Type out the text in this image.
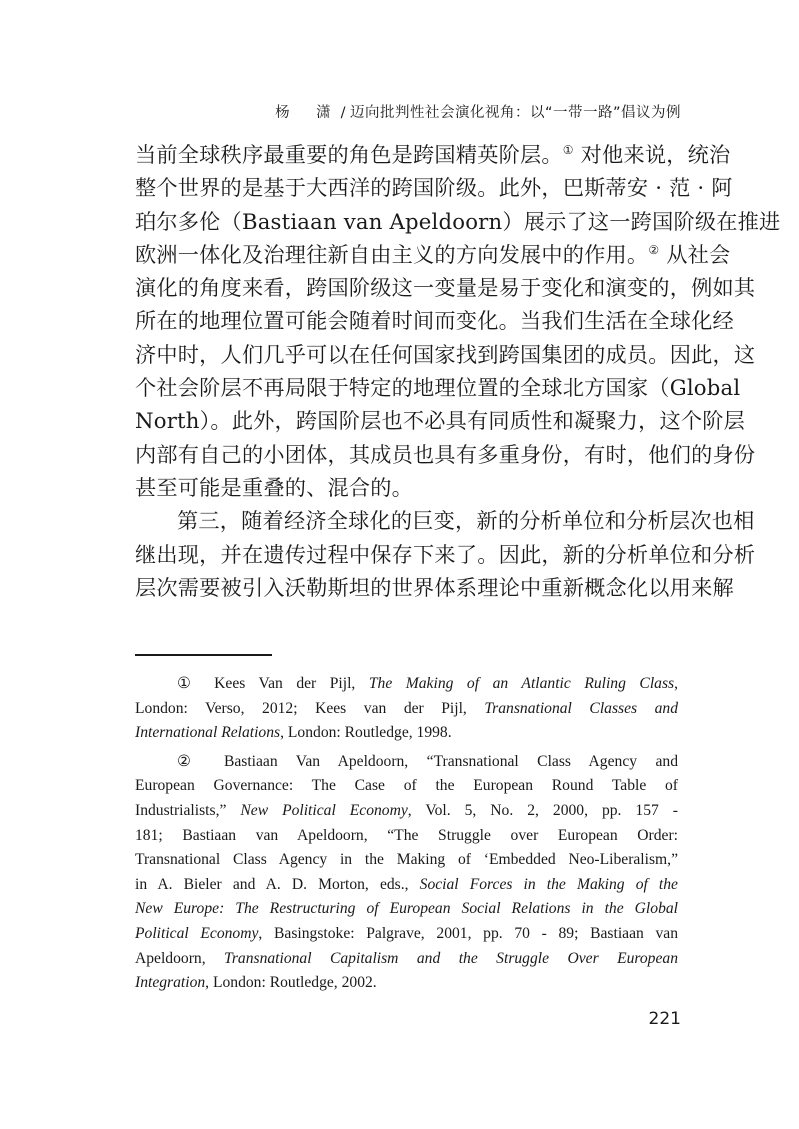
杨　潇 / 迈向批判性社会演化视角：以“一带一路”倡议为例
当前全球秩序最重要的角色是跨国精英阶层。① 对他来说，统治
整个世界的是基于大西洋的跨国阶级。此外，巴斯蒂安 · 范 · 阿
珀尔多伦（Bastiaan van Apeldoorn）展示了这一跨国阶级在推进
欧洲一体化及治理往新自由主义的方向发展中的作用。② 从社会
演化的角度来看，跨国阶级这一变量是易于变化和演变的，例如其
所在的地理位置可能会随着时间而变化。当我们生活在全球化经
济中时，人们几乎可以在任何国家找到跨国集团的成员。因此，这
个社会阶层不再局限于特定的地理位置的全球北方国家（Global
North）。此外，跨国阶层也不必具有同质性和凝聚力，这个阶层
内部有自己的小团体，其成员也具有多重身份，有时，他们的身份
甚至可能是重叠的、混合的。
第三，随着经济全球化的巨变，新的分析单位和分析层次也相
继出现，并在遗传过程中保存下来了。因此，新的分析单位和分析
层次需要被引入沃勒斯坦的世界体系理论中重新概念化以用来解
① Kees Van der Pijl, The Making of an Atlantic Ruling Class,
London: Verso, 2012; Kees van der Pijl, Transnational Classes and
International Relations, London: Routledge, 1998.
② Bastiaan Van Apeldoorn, “Transnational Class Agency and
European Governance: The Case of the European Round Table of
Industrialists,” New Political Economy, Vol. 5, No. 2, 2000, pp. 157 -
181; Bastiaan van Apeldoorn, “The Struggle over European Order:
Transnational Class Agency in the Making of ‘Embedded Neo-Liberalism,”
in A. Bieler and A. D. Morton, eds., Social Forces in the Making of the
New Europe: The Restructuring of European Social Relations in the Global
Political Economy, Basingstoke: Palgrave, 2001, pp. 70 - 89; Bastiaan van
Apeldoorn, Transnational Capitalism and the Struggle Over European
Integration, London: Routledge, 2002.
221
